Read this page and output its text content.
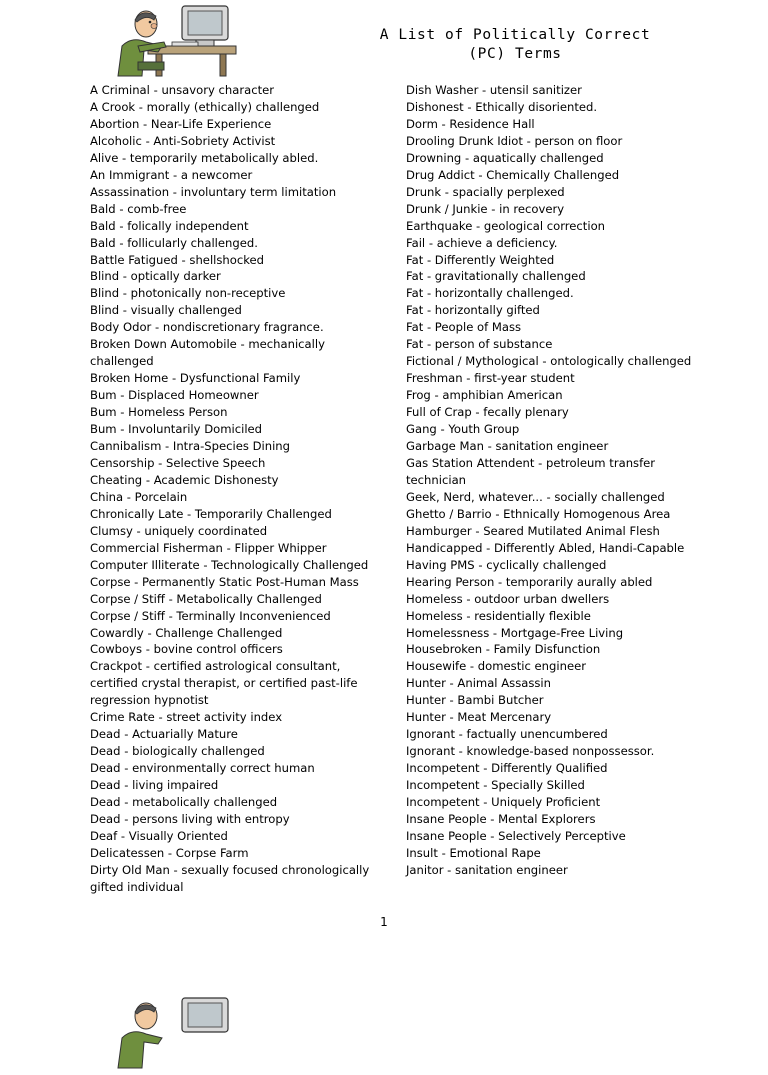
A List of Politically Correct
(PC) Terms
A Criminal - unsavory character
A Crook - morally (ethically) challenged
Abortion - Near-Life Experience
Alcoholic - Anti-Sobriety Activist
Alive - temporarily metabolically abled.
An Immigrant - a newcomer
Assassination - involuntary term limitation
Bald - comb-free
Bald - folically independent
Bald - follicularly challenged.
Battle Fatigued - shellshocked
Blind - optically darker
Blind - photonically non-receptive
Blind - visually challenged
Body Odor - nondiscretionary fragrance.
Broken Down Automobile - mechanically challenged
Broken Home - Dysfunctional Family
Bum - Displaced Homeowner
Bum - Homeless Person
Bum - Involuntarily Domiciled
Cannibalism - Intra-Species Dining
Censorship - Selective Speech
Cheating - Academic Dishonesty
China - Porcelain
Chronically Late - Temporarily Challenged
Clumsy - uniquely coordinated
Commercial Fisherman - Flipper Whipper
Computer Illiterate - Technologically Challenged
Corpse - Permanently Static Post-Human Mass
Corpse / Stiff - Metabolically Challenged
Corpse / Stiff - Terminally Inconvenienced
Cowardly - Challenge Challenged
Cowboys - bovine control officers
Crackpot - certified astrological consultant, certified crystal therapist, or certified past-life regression hypnotist
Crime Rate - street activity index
Dead - Actuarially Mature
Dead - biologically challenged
Dead - environmentally correct human
Dead - living impaired
Dead - metabolically challenged
Dead - persons living with entropy
Deaf - Visually Oriented
Delicatessen - Corpse Farm
Dirty Old Man - sexually focused chronologically gifted individual
Dish Washer - utensil sanitizer
Dishonest - Ethically disoriented.
Dorm - Residence Hall
Drooling Drunk Idiot - person on floor
Drowning - aquatically challenged
Drug Addict - Chemically Challenged
Drunk - spacially perplexed
Drunk / Junkie - in recovery
Earthquake - geological correction
Fail - achieve a deficiency.
Fat - Differently Weighted
Fat - gravitationally challenged
Fat - horizontally challenged.
Fat - horizontally gifted
Fat - People of Mass
Fat - person of substance
Fictional / Mythological - ontologically challenged
Freshman - first-year student
Frog - amphibian American
Full of Crap - fecally plenary
Gang - Youth Group
Garbage Man - sanitation engineer
Gas Station Attendent - petroleum transfer technician
Geek, Nerd, whatever... - socially challenged
Ghetto / Barrio - Ethnically Homogenous Area
Hamburger - Seared Mutilated Animal Flesh
Handicapped - Differently Abled, Handi-Capable
Having PMS - cyclically challenged
Hearing Person - temporarily aurally abled
Homeless - outdoor urban dwellers
Homeless - residentially flexible
Homelessness - Mortgage-Free Living
Housebroken - Family Disfunction
Housewife - domestic engineer
Hunter - Animal Assassin
Hunter - Bambi Butcher
Hunter - Meat Mercenary
Ignorant - factually unencumbered
Ignorant - knowledge-based nonpossessor.
Incompetent - Differently Qualified
Incompetent - Specially Skilled
Incompetent - Uniquely Proficient
Insane People - Mental Explorers
Insane People - Selectively Perceptive
Insult - Emotional Rape
Janitor - sanitation engineer
1
